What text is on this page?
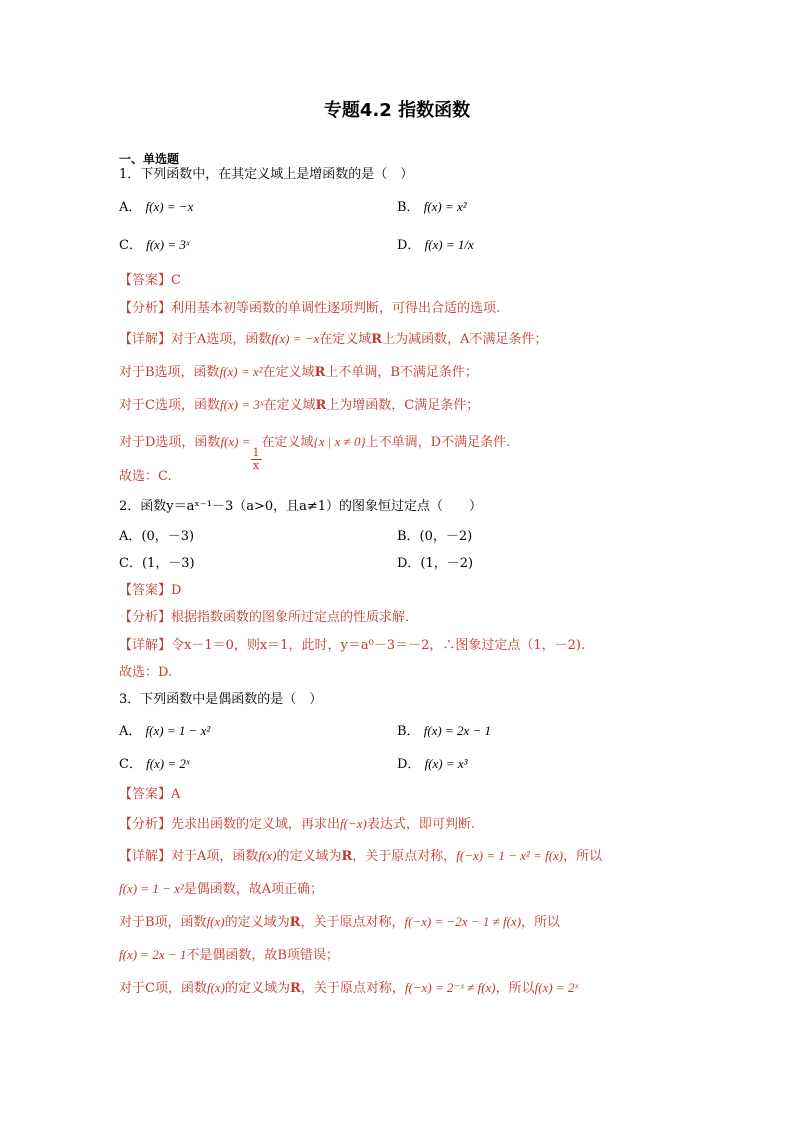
专题4.2 指数函数
一、单选题
1．下列函数中，在其定义域上是增函数的是（　）
A． f(x) = −x	B． f(x) = x²
C． f(x) = 3ˣ	D． f(x) = 1/x
【答案】C
【分析】利用基本初等函数的单调性逐项判断，可得出合适的选项.
【详解】对于A选项，函数f(x) = −x在定义域R上为减函数，A不满足条件；
对于B选项，函数f(x) = x²在定义域R上不单调，B不满足条件；
对于C选项，函数f(x) = 3ˣ在定义域R上为增函数，C满足条件；
对于D选项，函数f(x) =
$\frac{1}{x}$
在定义域{x | x ≠ 0}上不单调，D不满足条件.
故选：C.
2．函数y＝aˣ⁻¹－3（a>0，且a≠1）的图象恒过定点（　　）
A．(0，－3)	B．(0，－2)
C．(1，－3)	D．(1，－2)
【答案】D
【分析】根据指数函数的图象所过定点的性质求解．
【详解】令x－1＝0，则x＝1，此时，y＝a⁰－3＝－2，∴图象过定点（1，－2).
故选：D.
3．下列函数中是偶函数的是（　）
A． f(x) = 1 − x²	B． f(x) = 2x − 1
C． f(x) = 2ˣ	D． f(x) = x³
【答案】A
【分析】先求出函数的定义域，再求出f(−x)表达式，即可判断.
【详解】对于A项，函数f(x)的定义域为R，关于原点对称，f(−x) = 1 − x² = f(x)，所以
f(x) = 1 − x²是偶函数，故A项正确；
对于B项，函数f(x)的定义域为R，关于原点对称，f(−x) = −2x − 1 ≠ f(x)，所以
f(x) = 2x − 1不是偶函数，故B项错误；
对于C项，函数f(x)的定义域为R，关于原点对称，f(−x) = 2⁻ˣ ≠ f(x)，所以f(x) = 2ˣ
